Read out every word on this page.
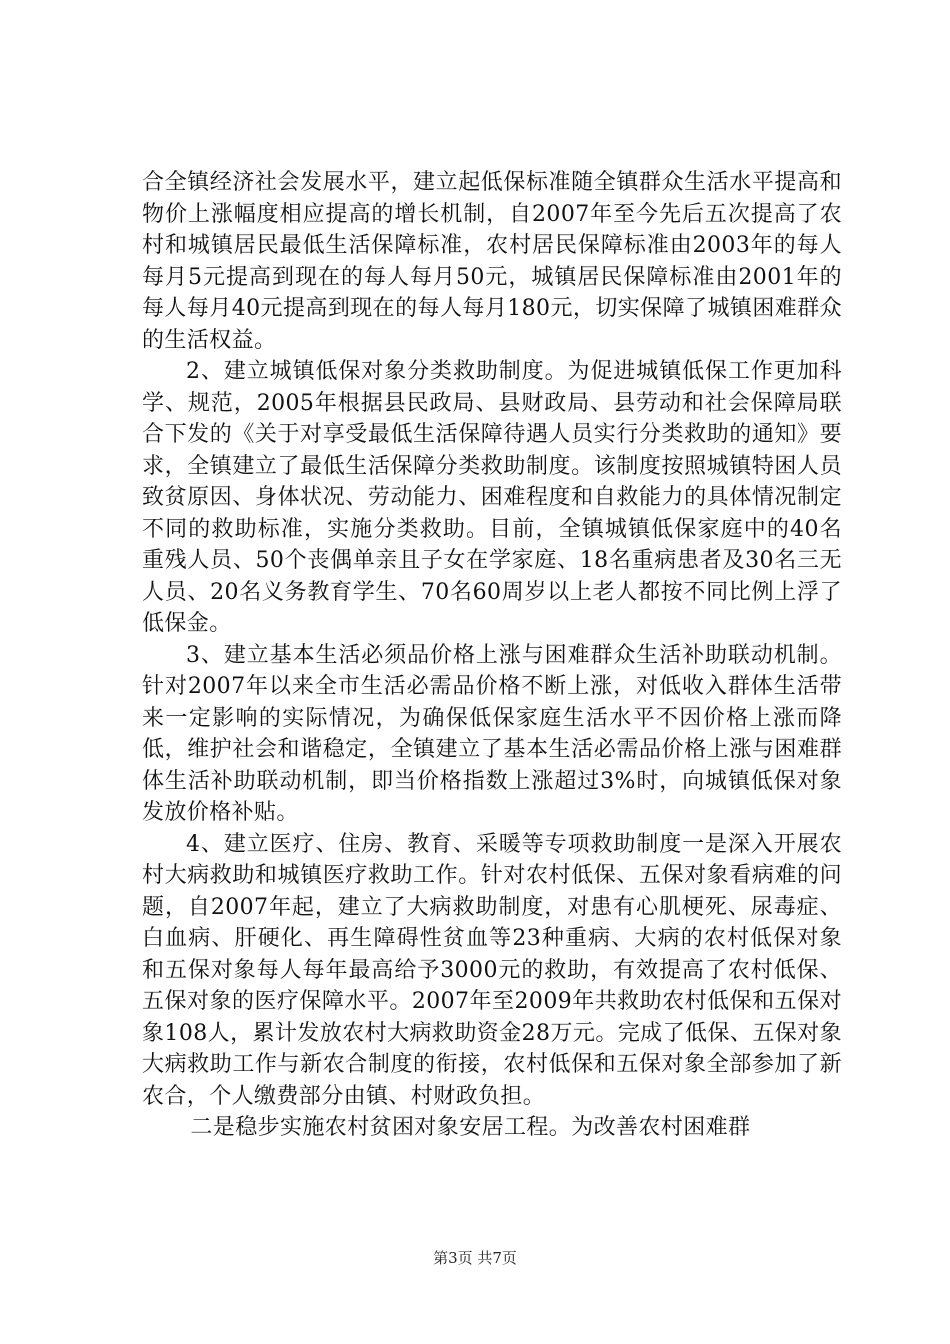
合全镇经济社会发展水平，建立起低保标准随全镇群众生活水平提高和物价上涨幅度相应提高的增长机制，自2007年至今先后五次提高了农村和城镇居民最低生活保障标准，农村居民保障标准由2003年的每人每月5元提高到现在的每人每月50元，城镇居民保障标准由2001年的每人每月40元提高到现在的每人每月180元，切实保障了城镇困难群众的生活权益。

2、建立城镇低保对象分类救助制度。为促进城镇低保工作更加科学、规范，2005年根据县民政局、县财政局、县劳动和社会保障局联合下发的《关于对享受最低生活保障待遇人员实行分类救助的通知》要求，全镇建立了最低生活保障分类救助制度。该制度按照城镇特困人员致贫原因、身体状况、劳动能力、困难程度和自救能力的具体情况制定不同的救助标准，实施分类救助。目前，全镇城镇低保家庭中的40名重残人员、50个丧偶单亲且子女在学家庭、18名重病患者及30名三无人员、20名义务教育学生、70名60周岁以上老人都按不同比例上浮了低保金。

3、建立基本生活必须品价格上涨与困难群众生活补助联动机制。针对2007年以来全市生活必需品价格不断上涨，对低收入群体生活带来一定影响的实际情况，为确保低保家庭生活水平不因价格上涨而降低，维护社会和谐稳定，全镇建立了基本生活必需品价格上涨与困难群体生活补助联动机制，即当价格指数上涨超过3%时，向城镇低保对象发放价格补贴。

4、建立医疗、住房、教育、采暖等专项救助制度一是深入开展农村大病救助和城镇医疗救助工作。针对农村低保、五保对象看病难的问题，自2007年起，建立了大病救助制度，对患有心肌梗死、尿毒症、白血病、肝硬化、再生障碍性贫血等23种重病、大病的农村低保对象和五保对象每人每年最高给予3000元的救助，有效提高了农村低保、五保对象的医疗保障水平。2007年至2009年共救助农村低保和五保对象108人，累计发放农村大病救助资金28万元。完成了低保、五保对象大病救助工作与新农合制度的衔接，农村低保和五保对象全部参加了新农合，个人缴费部分由镇、村财政负担。

二是稳步实施农村贫困对象安居工程。为改善农村困难群

第3页 共7页
